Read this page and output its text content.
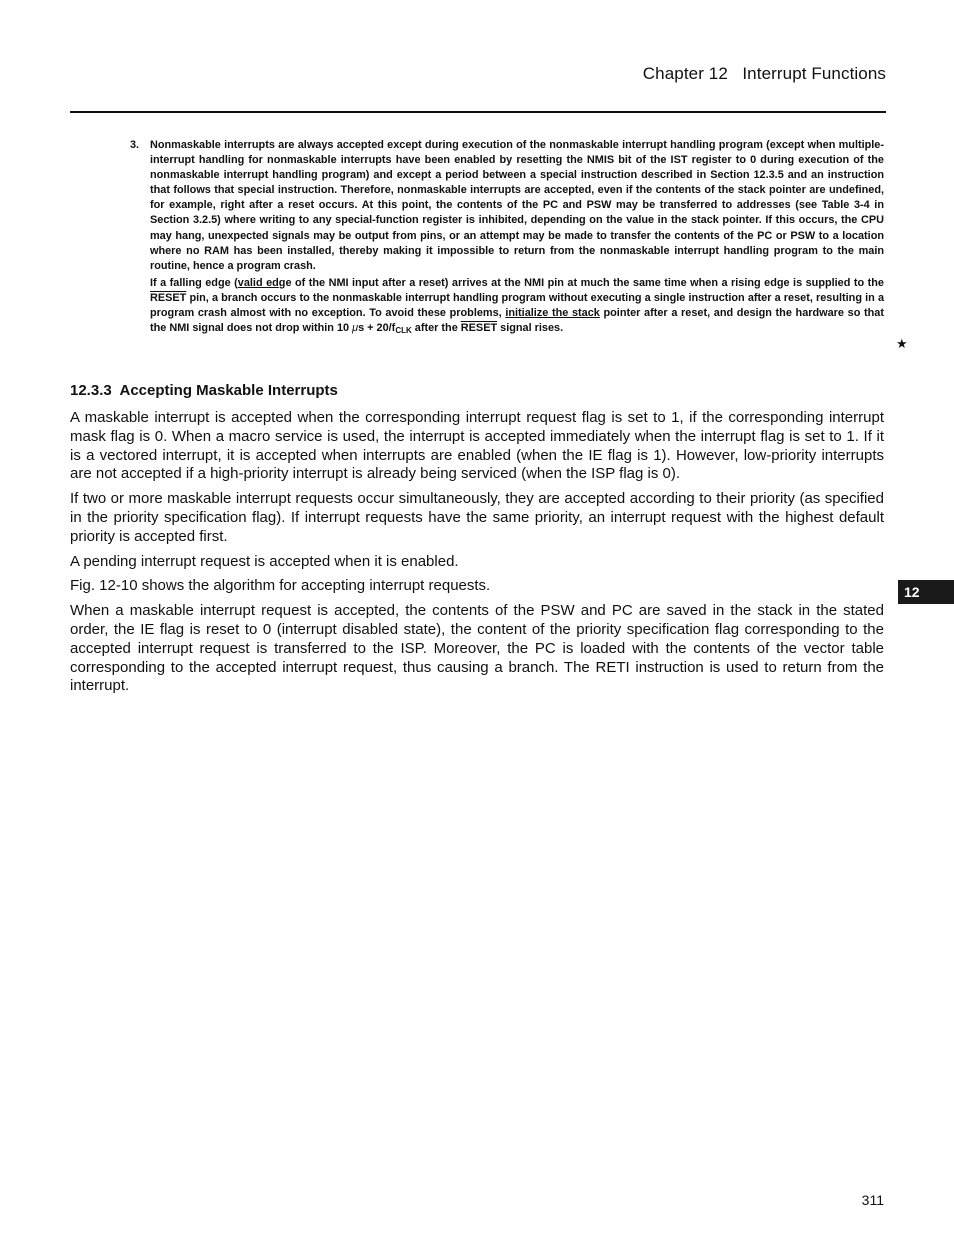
Chapter 12   Interrupt Functions
3.	Nonmaskable interrupts are always accepted except during execution of the nonmaskable interrupt handling program (except when multiple-interrupt handling for nonmaskable interrupts have been enabled by resetting the NMIS bit of the IST register to 0 during execution of the nonmaskable interrupt handling program) and except a period between a special instruction described in Section 12.3.5 and an instruction that follows that special instruction. Therefore, nonmaskable interrupts are accepted, even if the contents of the stack pointer are undefined, for example, right after a reset occurs. At this point, the contents of the PC and PSW may be transferred to addresses (see Table 3-4 in Section 3.2.5) where writing to any special-function register is inhibited, depending on the value in the stack pointer. If this occurs, the CPU may hang, unexpected signals may be output from pins, or an attempt may be made to transfer the contents of the PC or PSW to a location where no RAM has been installed, thereby making it impossible to return from the nonmaskable interrupt handling program to the main routine, hence a program crash.

If a falling edge (valid edge of the NMI input after a reset) arrives at the NMI pin at much the same time when a rising edge is supplied to the RESET pin, a branch occurs to the nonmaskable interrupt handling program without executing a single instruction after a reset, resulting in a program crash almost with no exception. To avoid these problems, initialize the stack pointer after a reset, and design the hardware so that the NMI signal does not drop within 10 $\mu s + 20/f_{CLK}$ after the RESET signal rises.

★
12.3.3  Accepting Maskable Interrupts

A maskable interrupt is accepted when the corresponding interrupt request flag is set to 1, if the corresponding interrupt mask flag is 0. When a macro service is used, the interrupt is accepted immediately when the interrupt flag is set to 1. If it is a vectored interrupt, it is accepted when interrupts are enabled (when the IE flag is 1). However, low-priority interrupts are not accepted if a high-priority interrupt is already being serviced (when the ISP flag is 0).

If two or more maskable interrupt requests occur simultaneously, they are accepted according to their priority (as specified in the priority specification flag). If interrupt requests have the same priority, an interrupt request with the highest default priority is accepted first.

A pending interrupt request is accepted when it is enabled.

Fig. 12-10 shows the algorithm for accepting interrupt requests.

When a maskable interrupt request is accepted, the contents of the PSW and PC are saved in the stack in the stated order, the IE flag is reset to 0 (interrupt disabled state), the content of the priority specification flag corresponding to the accepted interrupt request is transferred to the ISP. Moreover, the PC is loaded with the contents of the vector table corresponding to the accepted interrupt request, thus causing a branch. The RETI instruction is used to return from the interrupt.

12
311
